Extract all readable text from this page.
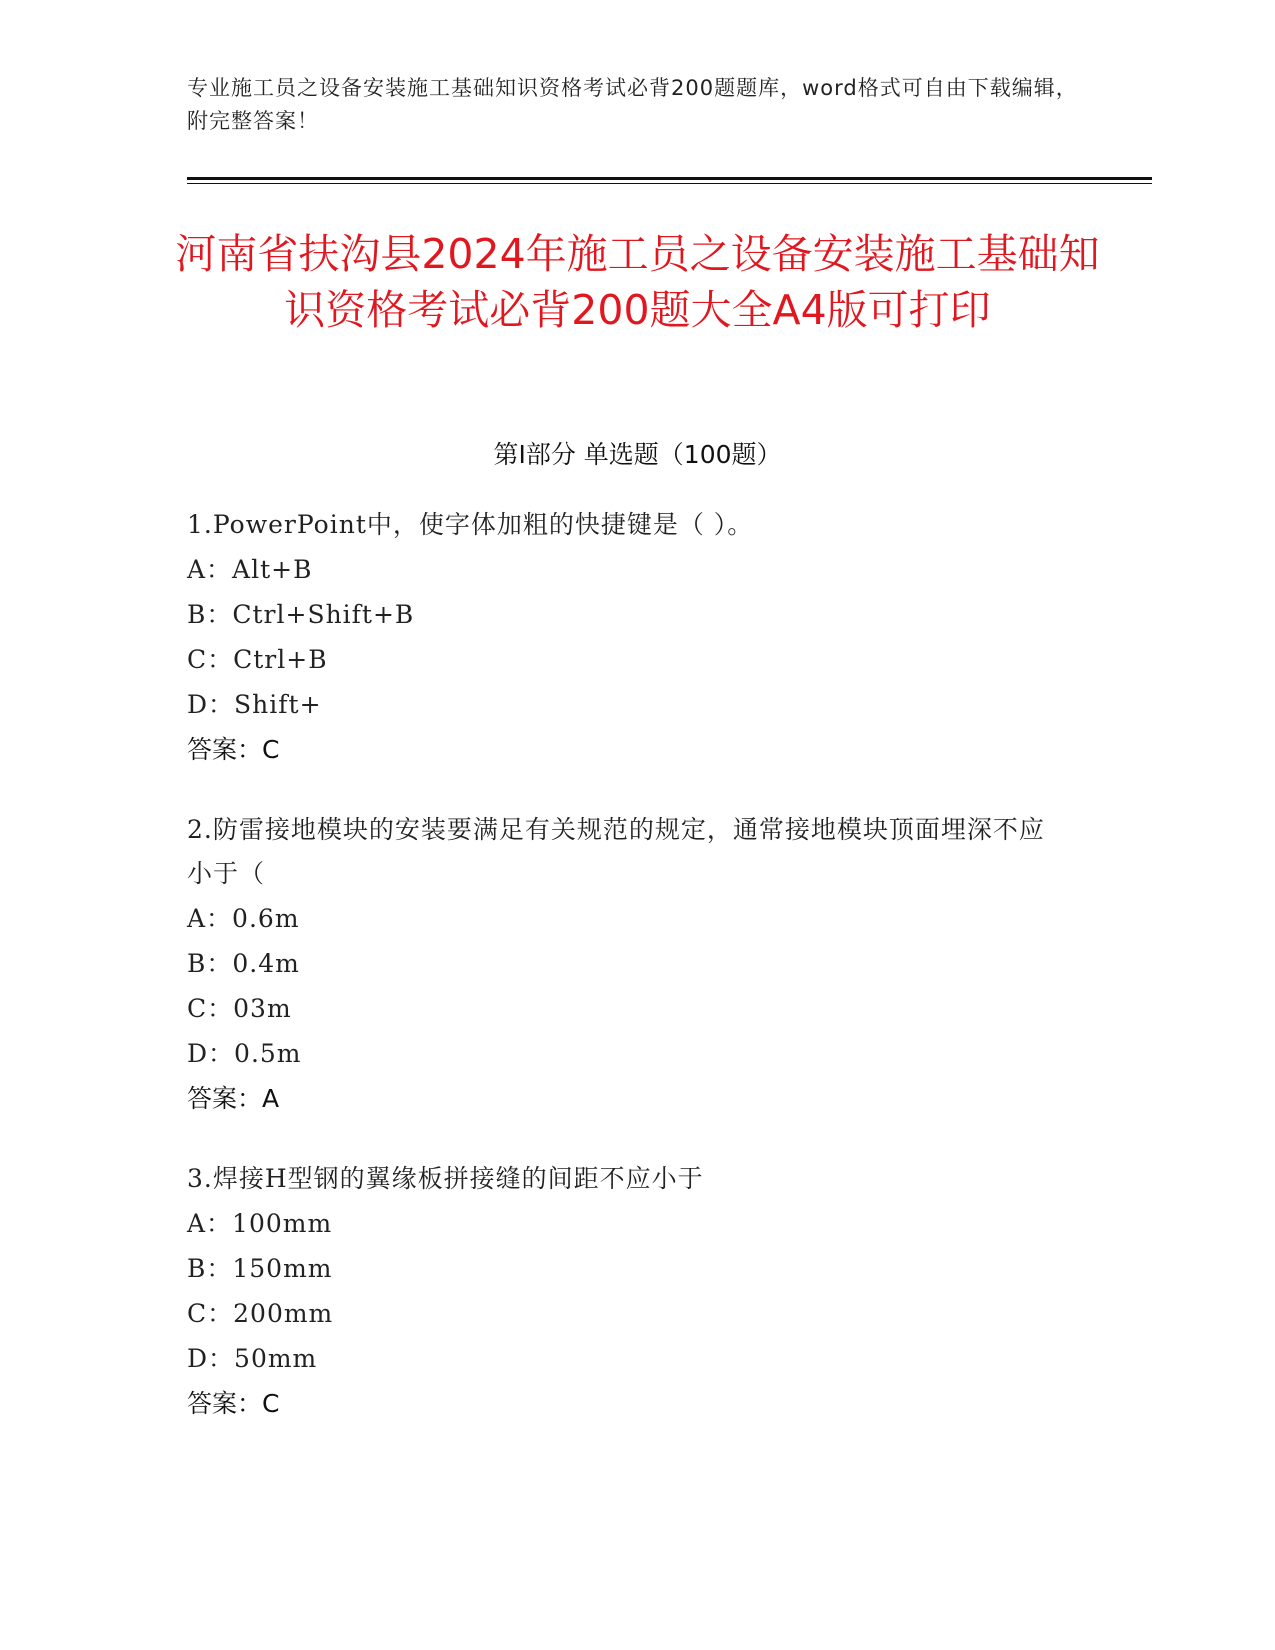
专业施工员之设备安装施工基础知识资格考试必背200题题库，word格式可自由下载编辑，附完整答案！
河南省扶沟县2024年施工员之设备安装施工基础知识资格考试必背200题大全A4版可打印
第I部分 单选题（100题）
1.PowerPoint中，使字体加粗的快捷键是（ ）。
A：Alt+B
B：Ctrl+Shift+B
C：Ctrl+B
D：Shift+
答案：C
2.防雷接地模块的安装要满足有关规范的规定，通常接地模块顶面埋深不应小于（
A：0.6m
B：0.4m
C：03m
D：0.5m
答案：A
3.焊接H型钢的翼缘板拼接缝的间距不应小于
A：100mm
B：150mm
C：200mm
D：50mm
答案：C
